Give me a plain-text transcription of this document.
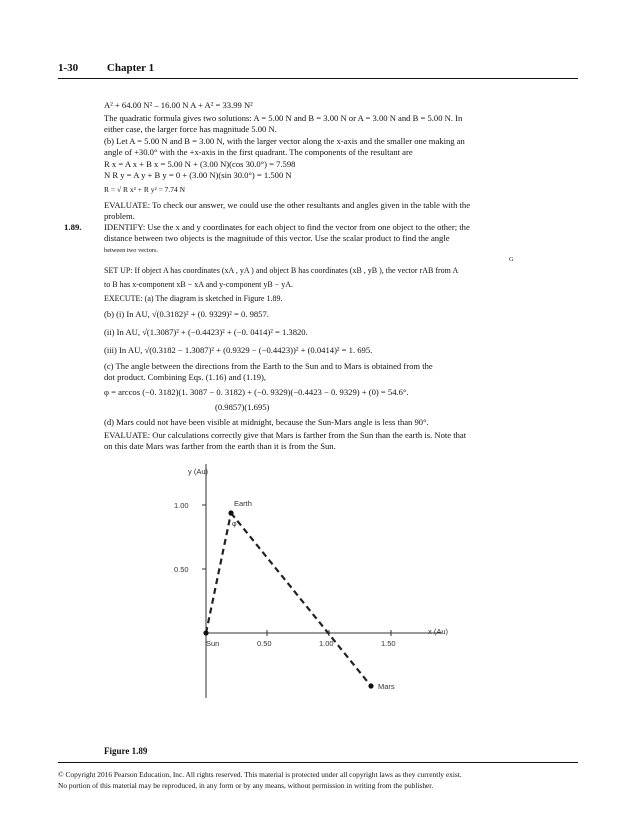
1-30	Chapter 1
A² + 64.00 N² – 16.00 N A + A² = 33.99 N²
The quadratic formula gives two solutions: A = 5.00 N and B = 3.00 N or A = 3.00 N and B = 5.00 N. In
either case, the larger force has magnitude 5.00 N.
(b) Let A = 5.00 N and B = 3.00 N, with the larger vector along the x-axis and the smaller one making an
angle of +30.0° with the +x-axis in the first quadrant. The components of the resultant are
R x = A x + B x = 5.00 N + (3.00 N)(cos 30.0°) = 7.598
N R y = A y + B y = 0 + (3.00 N)(sin 30.0°) = 1.500 N
R = √ R x² + R y² = 7.74 N
EVALUATE: To check our answer, we could use the other resultants and angles given in the table with the
problem.
1.89.	IDENTIFY: Use the x and y coordinates for each object to find the vector from one object to the other; the
distance between two objects is the magnitude of this vector. Use the scalar product to find the angle
between two vectors.
G
SET UP: If object A has coordinates (xA , yA ) and object B has coordinates (xB , yB ), the vector rAB from A
to B has x-component xB − xA and y-component yB − yA.
EXECUTE: (a) The diagram is sketched in Figure 1.89.
(b) (i) In AU, √(0.3182)² + (0. 9329)² = 0. 9857.
(ii) In AU, √(1.3087)² + (−0.4423)² + (−0. 0414)² = 1.3820.
(iii) In AU, √(0.3182 − 1.3087)² + (0.9329 − (−0.4423))² + (0.0414)² = 1. 695.
(c) The angle between the directions from the Earth to the Sun and to Mars is obtained from the
dot product. Combining Eqs. (1.16) and (1.19),
φ = arccos (−0. 3182)(1. 3087 − 0. 3182) + (−0. 9329)(−0.4423 − 0. 9329) + (0) = 54.6°.
(0.9857)(1.695)
(d) Mars could not have been visible at midnight, because the Sun-Mars angle is less than 90°.
EVALUATE: Our calculations correctly give that Mars is farther from the Sun than the earth is. Note that
on this date Mars was farther from the earth than it is from the Sun.
y (Au)
x (Au)
1.00
0.50
0.50	1.00	1.50
Earth
Sun
Mars
φ
Figure 1.89
© Copyright 2016 Pearson Education, Inc. All rights reserved. This material is protected under all copyright laws as they currently exist.
No portion of this material may be reproduced, in any form or by any means, without permission in writing from the publisher.
